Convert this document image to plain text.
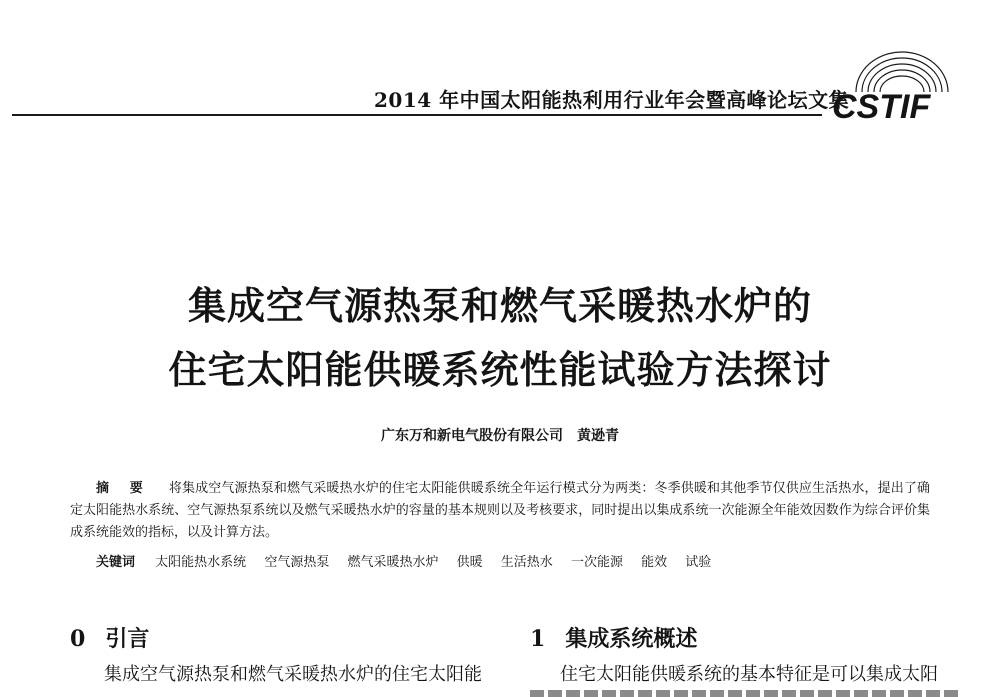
2014 年中国太阳能热利用行业年会暨高峰论坛文集
CSTIF
集成空气源热泵和燃气采暖热水炉的
住宅太阳能供暖系统性能试验方法探讨
广东万和新电气股份有限公司 黄逊青
摘 要 将集成空气源热泵和燃气采暖热水炉的住宅太阳能供暖系统全年运行模式分为两类：冬季供暖和其他季节仅供应生活热水，提出了确定太阳能热水系统、空气源热泵系统以及燃气采暖热水炉的容量的基本规则以及考核要求，同时提出以集成系统一次能源全年能效因数作为综合评价集成系统能效的指标，以及计算方法。
关键词 太阳能热水系统 空气源热泵 燃气采暖热水炉 供暖 生活热水 一次能源 能效 试验
0 引言
集成空气源热泵和燃气采暖热水炉的住宅太阳能
1 集成系统概述
住宅太阳能供暖系统的基本特征是可以集成太阳
